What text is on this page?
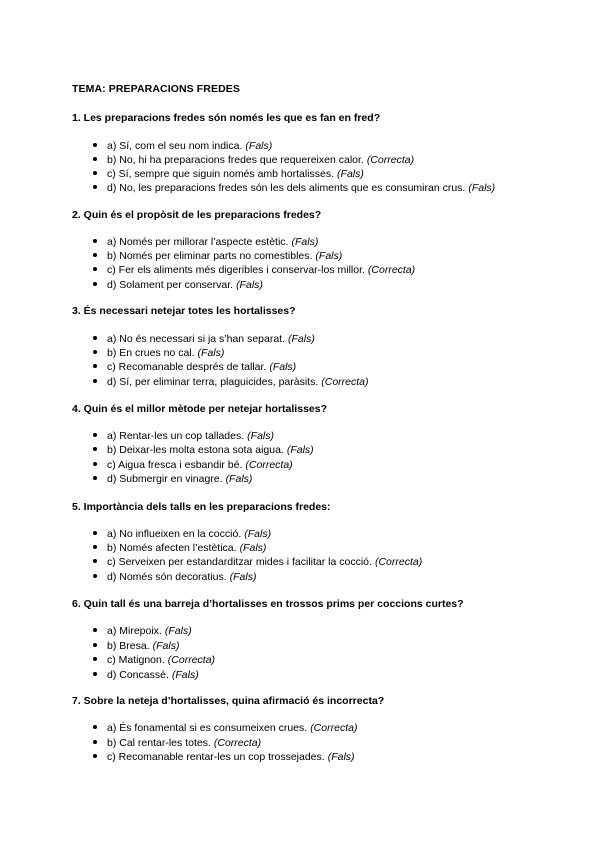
TEMA: PREPARACIONS FREDES
1. Les preparacions fredes són només les que es fan en fred?
a) Sí, com el seu nom indica. (Fals)
b) No, hi ha preparacions fredes que requereixen calor. (Correcta)
c) Sí, sempre que siguin només amb hortalisses. (Fals)
d) No, les preparacions fredes són les dels aliments que es consumiran crus. (Fals)
2. Quin és el propòsit de les preparacions fredes?
a) Només per millorar l’aspecte estètic. (Fals)
b) Només per eliminar parts no comestibles. (Fals)
c) Fer els aliments més digeribles i conservar-los millor. (Correcta)
d) Solament per conservar. (Fals)
3. És necessari netejar totes les hortalisses?
a) No és necessari si ja s’han separat. (Fals)
b) En crues no cal. (Fals)
c) Recomanable després de tallar. (Fals)
d) Sí, per eliminar terra, plaguicides, paràsits. (Correcta)
4. Quin és el millor mètode per netejar hortalisses?
a) Rentar-les un cop tallades. (Fals)
b) Deixar-les molta estona sota aigua. (Fals)
c) Aigua fresca i esbandir bé. (Correcta)
d) Submergir en vinagre. (Fals)
5. Importància dels talls en les preparacions fredes:
a) No influeixen en la cocció. (Fals)
b) Només afecten l’estètica. (Fals)
c) Serveixen per estandarditzar mides i facilitar la cocció. (Correcta)
d) Només són decoratius. (Fals)
6. Quin tall és una barreja d’hortalisses en trossos prims per coccions curtes?
a) Mirepoix. (Fals)
b) Bresa. (Fals)
c) Matignon. (Correcta)
d) Concassé. (Fals)
7. Sobre la neteja d’hortalisses, quina afirmació és incorrecta?
a) És fonamental si es consumeixen crues. (Correcta)
b) Cal rentar-les totes. (Correcta)
c) Recomanable rentar-les un cop trossejades. (Fals)
